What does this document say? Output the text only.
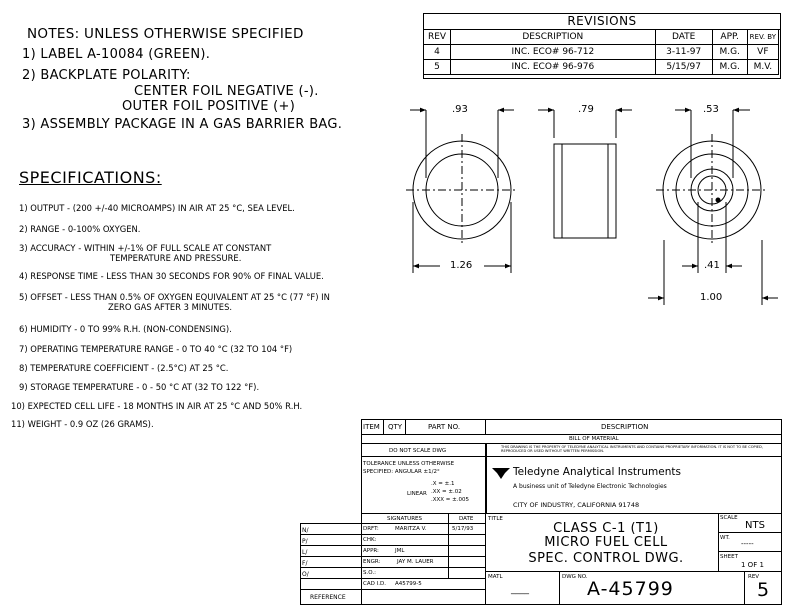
NOTES: UNLESS OTHERWISE SPECIFIED
1) LABEL A-10084 (GREEN).
2) BACKPLATE POLARITY:
CENTER FOIL NEGATIVE (-).
OUTER FOIL POSITIVE (+)
3) ASSEMBLY PACKAGE IN A GAS BARRIER BAG.
SPECIFICATIONS:
1) OUTPUT - (200 +/-40 MICROAMPS) IN AIR AT 25 °C, SEA LEVEL.
2) RANGE - 0-100% OXYGEN.
3) ACCURACY - WITHIN +/-1% OF FULL SCALE AT CONSTANT
TEMPERATURE AND PRESSURE.
4) RESPONSE TIME - LESS THAN 30 SECONDS FOR 90% OF FINAL VALUE.
5) OFFSET - LESS THAN 0.5% OF OXYGEN EQUIVALENT AT 25 °C (77 °F) IN
ZERO GAS AFTER 3 MINUTES.
6) HUMIDITY - 0 TO 99% R.H. (NON-CONDENSING).
7) OPERATING TEMPERATURE RANGE - 0 TO 40 °C (32 TO 104 °F)
8) TEMPERATURE COEFFICIENT - (2.5°C) AT 25 °C.
9) STORAGE TEMPERATURE - 0 - 50 °C AT (32 TO 122 °F).
10) EXPECTED CELL LIFE - 18 MONTHS IN AIR AT 25 °C AND 50% R.H.
11) WEIGHT - 0.9 OZ (26 GRAMS).
REVISIONS
REV	DESCRIPTION	DATE	APP.	REV. BY
4	INC. ECO# 96-712	3-11-97	M.G.	VF
5	INC. ECO# 96-976	5/15/97	M.G.	M.V.
.93	.79	.53
1.26	.41
1.00
ITEM QTY	PART NO.	DESCRIPTION
BILL OF MATERIAL
DO NOT SCALE DWG
THIS DRAWING IS THE PROPERTY OF TELEDYNE ANALYTICAL INSTRUMENTS AND CONTAINS PROPRIETARY INFORMATION. IT IS NOT TO BE COPIED, REPRODUCED OR USED WITHOUT WRITTEN PERMISSION.
TOLERANCE UNLESS OTHERWISE
SPECIFIED: ANGULAR ±1/2°
LINEAR
.X = ±.1
.XX = ±.02
.XXX = ±.005
Teledyne Analytical Instruments
A business unit of Teledyne Electronic Technologies
CITY OF INDUSTRY, CALIFORNIA 91748
SIGNATURES	DATE
DRFT:	MARITZA V.	5/17/93
CHK:
APPR:	JML
ENGR:	JAY M. LAUER
S.O.:
CAD I.D. A45799-5
TITLE
CLASS C-1 (T1)
MICRO FUEL CELL
SPEC. CONTROL DWG.
SCALE
NTS
WT.
-----
SHEET
1 OF 1
MATL
____
DWG NO.
A-45799
REV
5
N/
P/
L/
F/
O/
REFERENCE
